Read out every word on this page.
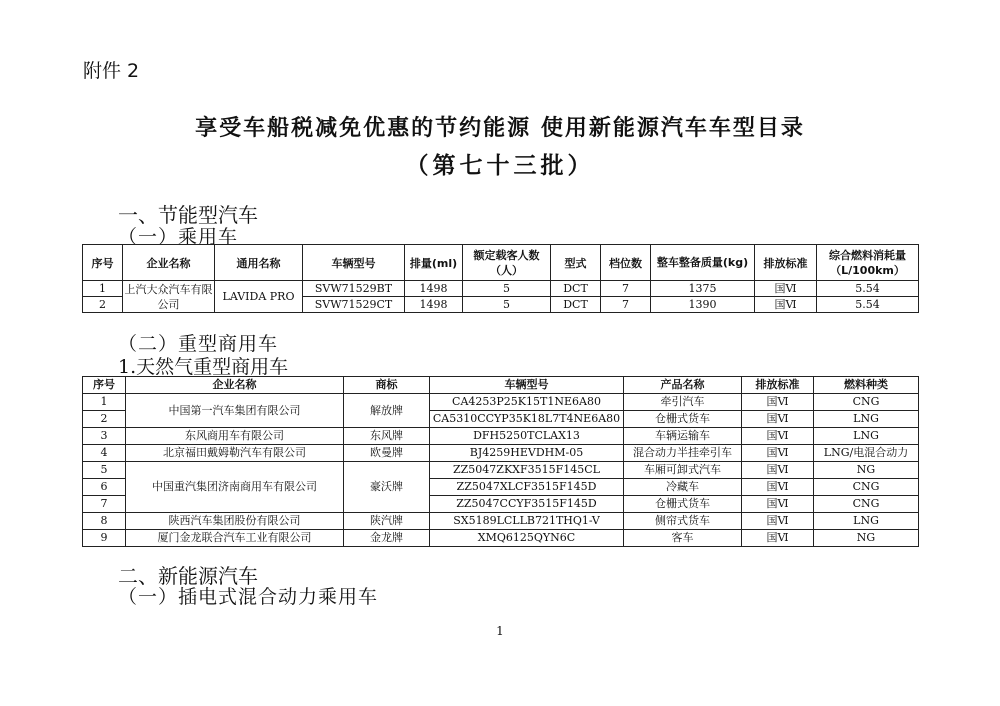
附件 2
享受车船税减免优惠的节约能源 使用新能源汽车车型目录
（第七十三批）
一、节能型汽车
（一）乘用车
序号	企业名称	通用名称	车辆型号	排量(ml)	额定载客人数（人）	型式	档位数	整车整备质量(kg)	排放标准	综合燃料消耗量（L/100km）
1	上汽大众汽车有限公司	LAVIDA PRO	SVW71529BT	1498	5	DCT	7	1375	国Ⅵ	5.54
2			SVW71529CT	1498	5	DCT	7	1390	国Ⅵ	5.54
（二）重型商用车
1.天然气重型商用车
序号	企业名称	商标	车辆型号	产品名称	排放标准	燃料种类
1	中国第一汽车集团有限公司	解放牌	CA4253P25K15T1NE6A80	牵引汽车	国Ⅵ	CNG
2			CA5310CCYP35K18L7T4NE6A80	仓栅式货车	国Ⅵ	LNG
3	东风商用车有限公司	东风牌	DFH5250TCLAX13	车辆运输车	国Ⅵ	LNG
4	北京福田戴姆勒汽车有限公司	欧曼牌	BJ4259HEVDHM-05	混合动力半挂牵引车	国Ⅵ	LNG/电混合动力
5	中国重汽集团济南商用车有限公司	豪沃牌	ZZ5047ZKXF3515F145CL	车厢可卸式汽车	国Ⅵ	NG
6			ZZ5047XLCF3515F145D	冷藏车	国Ⅵ	CNG
7			ZZ5047CCYF3515F145D	仓栅式货车	国Ⅵ	CNG
8	陕西汽车集团股份有限公司	陕汽牌	SX5189LCLLB721THQ1-V	侧帘式货车	国Ⅵ	LNG
9	厦门金龙联合汽车工业有限公司	金龙牌	XMQ6125QYN6C	客车	国Ⅵ	NG
二、新能源汽车
（一）插电式混合动力乘用车
1
